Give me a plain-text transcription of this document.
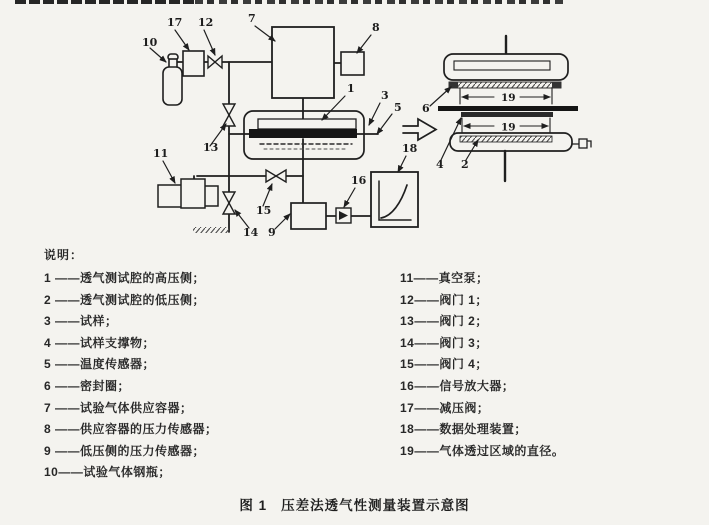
10
17 12	7
8
13
11
14
15
9
16
18
1
3
5
19
19
6
4 2
说明：
1 ——透气测试腔的高压侧；
2 ——透气测试腔的低压侧；
3 ——试样；
4 ——试样支撑物；
5 ——温度传感器；
6 ——密封圈；
7 ——试验气体供应容器；
8 ——供应容器的压力传感器；
9 ——低压侧的压力传感器；
10——试验气体钢瓶；
11——真空泵；
12——阀门 1；
13——阀门 2；
14——阀门 3；
15——阀门 4；
16——信号放大器；
17——减压阀；
18——数据处理装置；
19——气体透过区域的直径。
图 1 压差法透气性测量装置示意图
